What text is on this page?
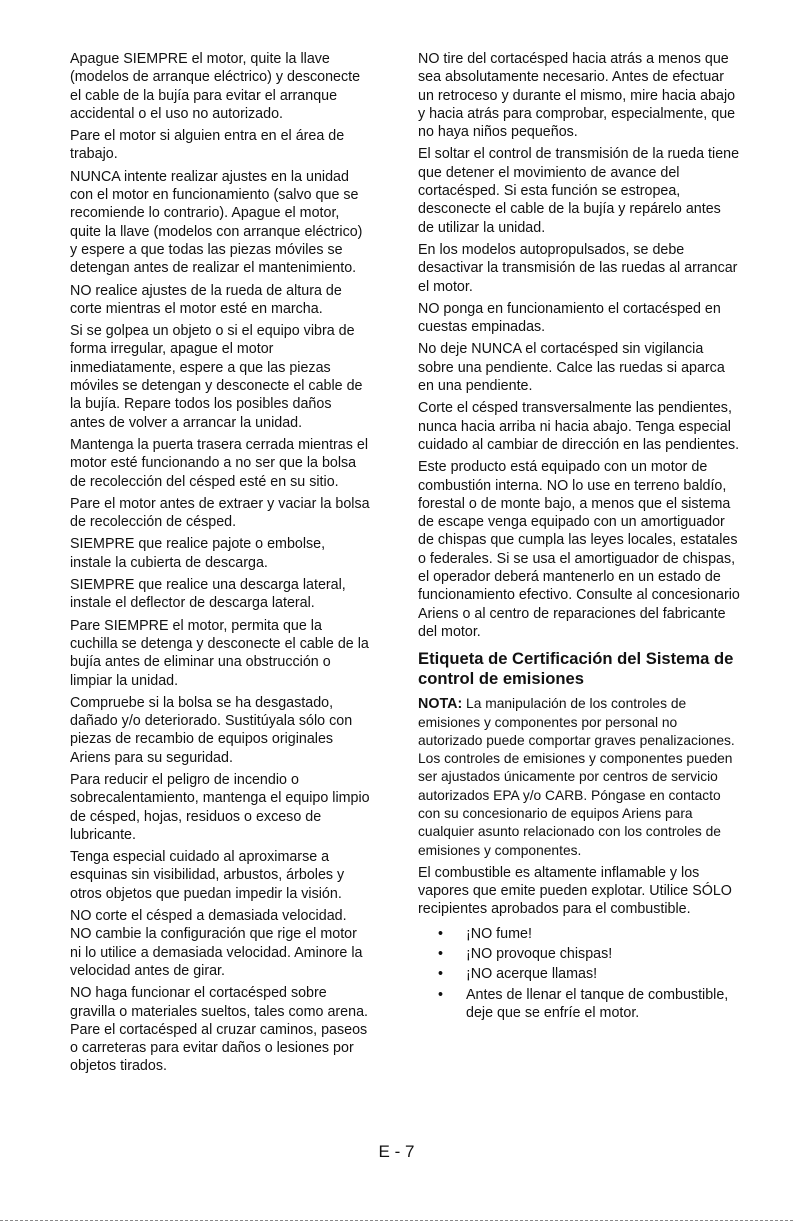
Apague SIEMPRE el motor, quite la llave (modelos de arranque eléctrico) y desconecte el cable de la bujía para evitar el arranque accidental o el uso no autorizado.

Pare el motor si alguien entra en el área de trabajo.

NUNCA intente realizar ajustes en la unidad con el motor en funcionamiento (salvo que se recomiende lo contrario). Apague el motor, quite la llave (modelos con arranque eléctrico) y espere a que todas las piezas móviles se detengan antes de realizar el mantenimiento.

NO realice ajustes de la rueda de altura de corte mientras el motor esté en marcha.

Si se golpea un objeto o si el equipo vibra de forma irregular, apague el motor inmediatamente, espere a que las piezas móviles se detengan y desconecte el cable de la bujía. Repare todos los posibles daños antes de volver a arrancar la unidad.

Mantenga la puerta trasera cerrada mientras el motor esté funcionando a no ser que la bolsa de recolección del césped esté en su sitio.

Pare el motor antes de extraer y vaciar la bolsa de recolección de césped.

SIEMPRE que realice pajote o embolse, instale la cubierta de descarga.

SIEMPRE que realice una descarga lateral, instale el deflector de descarga lateral.

Pare SIEMPRE el motor, permita que la cuchilla se detenga y desconecte el cable de la bujía antes de eliminar una obstrucción o limpiar la unidad.

Compruebe si la bolsa se ha desgastado, dañado y/o deteriorado. Sustitúyala sólo con piezas de recambio de equipos originales Ariens para su seguridad.

Para reducir el peligro de incendio o sobrecalentamiento, mantenga el equipo limpio de césped, hojas, residuos o exceso de lubricante.

Tenga especial cuidado al aproximarse a esquinas sin visibilidad, arbustos, árboles y otros objetos que puedan impedir la visión.

NO corte el césped a demasiada velocidad. NO cambie la configuración que rige el motor ni lo utilice a demasiada velocidad. Aminore la velocidad antes de girar.

NO haga funcionar el cortacésped sobre gravilla o materiales sueltos, tales como arena. Pare el cortacésped al cruzar caminos, paseos o carreteras para evitar daños o lesiones por objetos tirados.

NO tire del cortacésped hacia atrás a menos que sea absolutamente necesario. Antes de efectuar un retroceso y durante el mismo, mire hacia abajo y hacia atrás para comprobar, especialmente, que no haya niños pequeños.

El soltar el control de transmisión de la rueda tiene que detener el movimiento de avance del cortacésped. Si esta función se estropea, desconecte el cable de la bujía y repárelo antes de utilizar la unidad.

En los modelos autopropulsados, se debe desactivar la transmisión de las ruedas al arrancar el motor.

NO ponga en funcionamiento el cortacésped en cuestas empinadas.

No deje NUNCA el cortacésped sin vigilancia sobre una pendiente. Calce las ruedas si aparca en una pendiente.

Corte el césped transversalmente las pendientes, nunca hacia arriba ni hacia abajo. Tenga especial cuidado al cambiar de dirección en las pendientes.

Este producto está equipado con un motor de combustión interna. NO lo use en terreno baldío, forestal o de monte bajo, a menos que el sistema de escape venga equipado con un amortiguador de chispas que cumpla las leyes locales, estatales o federales. Si se usa el amortiguador de chispas, el operador deberá mantenerlo en un estado de funcionamiento efectivo. Consulte al concesionario Ariens o al centro de reparaciones del fabricante del motor.

Etiqueta de Certificación del Sistema de control de emisiones

NOTA: La manipulación de los controles de emisiones y componentes por personal no autorizado puede comportar graves penalizaciones. Los controles de emisiones y componentes pueden ser ajustados únicamente por centros de servicio autorizados EPA y/o CARB. Póngase en contacto con su concesionario de equipos Ariens para cualquier asunto relacionado con los controles de emisiones y componentes.

El combustible es altamente inflamable y los vapores que emite pueden explotar. Utilice SÓLO recipientes aprobados para el combustible.

• ¡NO fume!
• ¡NO provoque chispas!
• ¡NO acerque llamas!
• Antes de llenar el tanque de combustible, deje que se enfríe el motor.
E - 7
